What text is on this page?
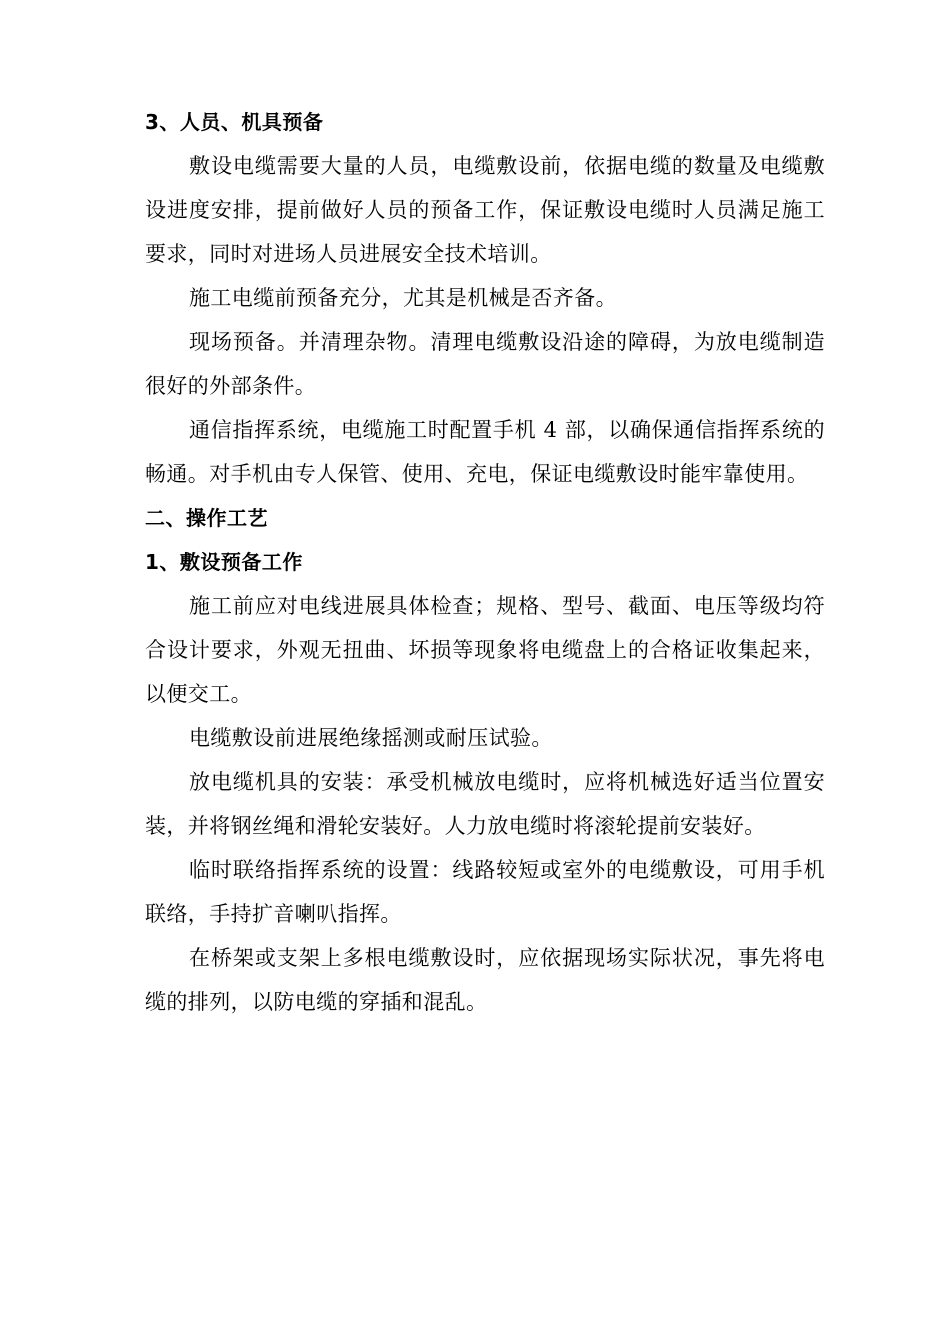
3、人员、机具预备

敷设电缆需要大量的人员，电缆敷设前，依据电缆的数量及电缆敷设进度安排，提前做好人员的预备工作，保证敷设电缆时人员满足施工要求，同时对进场人员进展安全技术培训。

施工电缆前预备充分，尤其是机械是否齐备。

现场预备。并清理杂物。清理电缆敷设沿途的障碍，为放电缆制造很好的外部条件。

通信指挥系统，电缆施工时配置手机 4 部，以确保通信指挥系统的畅通。对手机由专人保管、使用、充电，保证电缆敷设时能牢靠使用。

二、操作工艺
1、敷设预备工作

施工前应对电线进展具体检查；规格、型号、截面、电压等级均符合设计要求，外观无扭曲、坏损等现象将电缆盘上的合格证收集起来，以便交工。

电缆敷设前进展绝缘摇测或耐压试验。

放电缆机具的安装：承受机械放电缆时，应将机械选好适当位置安装，并将钢丝绳和滑轮安装好。人力放电缆时将滚轮提前安装好。

临时联络指挥系统的设置：线路较短或室外的电缆敷设，可用手机联络，手持扩音喇叭指挥。

在桥架或支架上多根电缆敷设时，应依据现场实际状况，事先将电缆的排列，以防电缆的穿插和混乱。
